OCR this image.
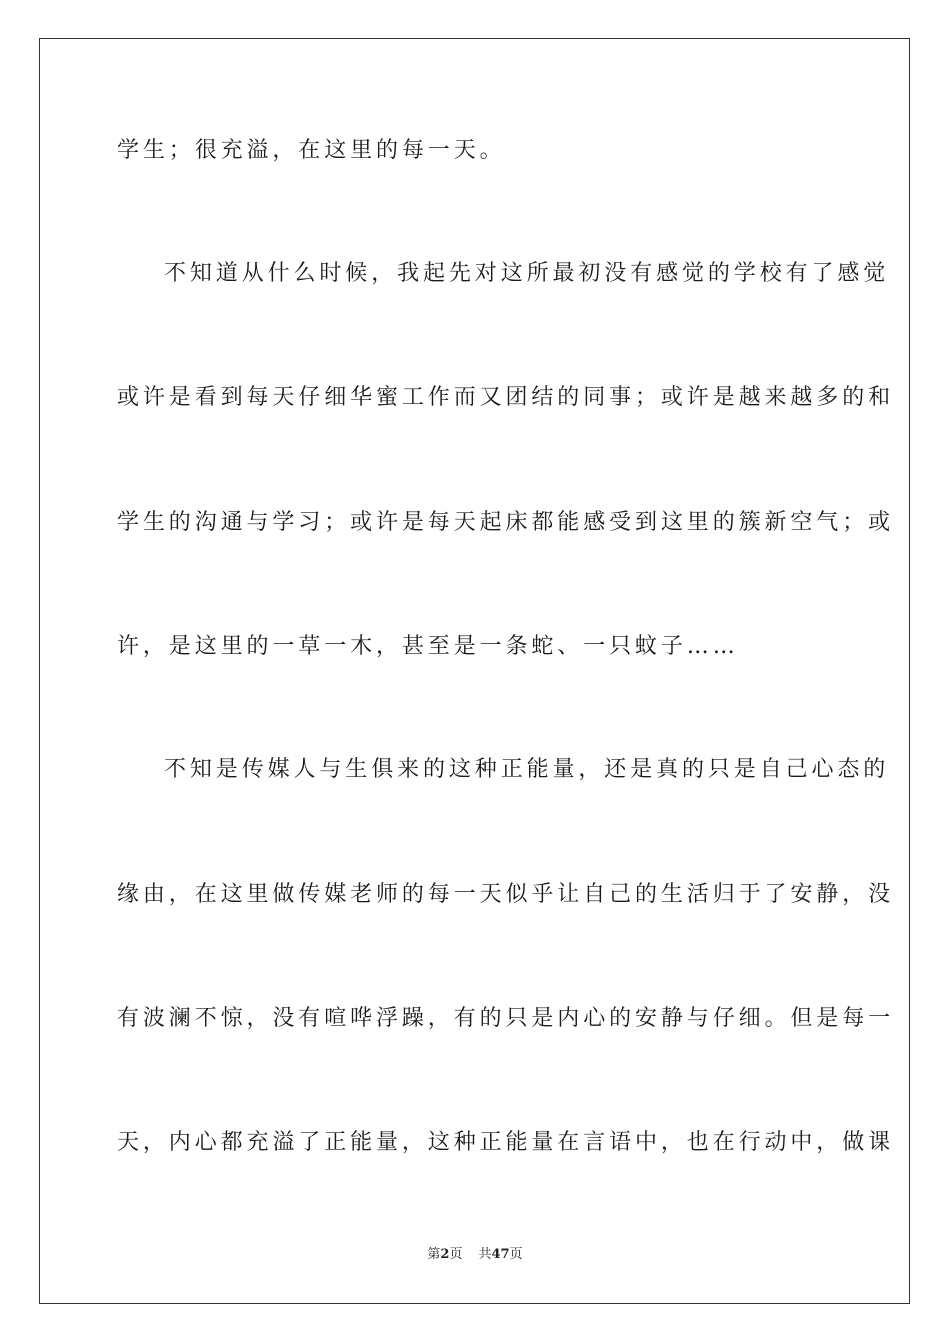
学生；很充溢，在这里的每一天。
不知道从什么时候，我起先对这所最初没有感觉的学校有了感觉
或许是看到每天仔细华蜜工作而又团结的同事；或许是越来越多的和
学生的沟通与学习；或许是每天起床都能感受到这里的簇新空气；或
许，是这里的一草一木，甚至是一条蛇、一只蚊子……
不知是传媒人与生俱来的这种正能量，还是真的只是自己心态的
缘由，在这里做传媒老师的每一天似乎让自己的生活归于了安静，没
有波澜不惊，没有喧哗浮躁，有的只是内心的安静与仔细。但是每一
天，内心都充溢了正能量，这种正能量在言语中，也在行动中，做课
第2页 共47页
